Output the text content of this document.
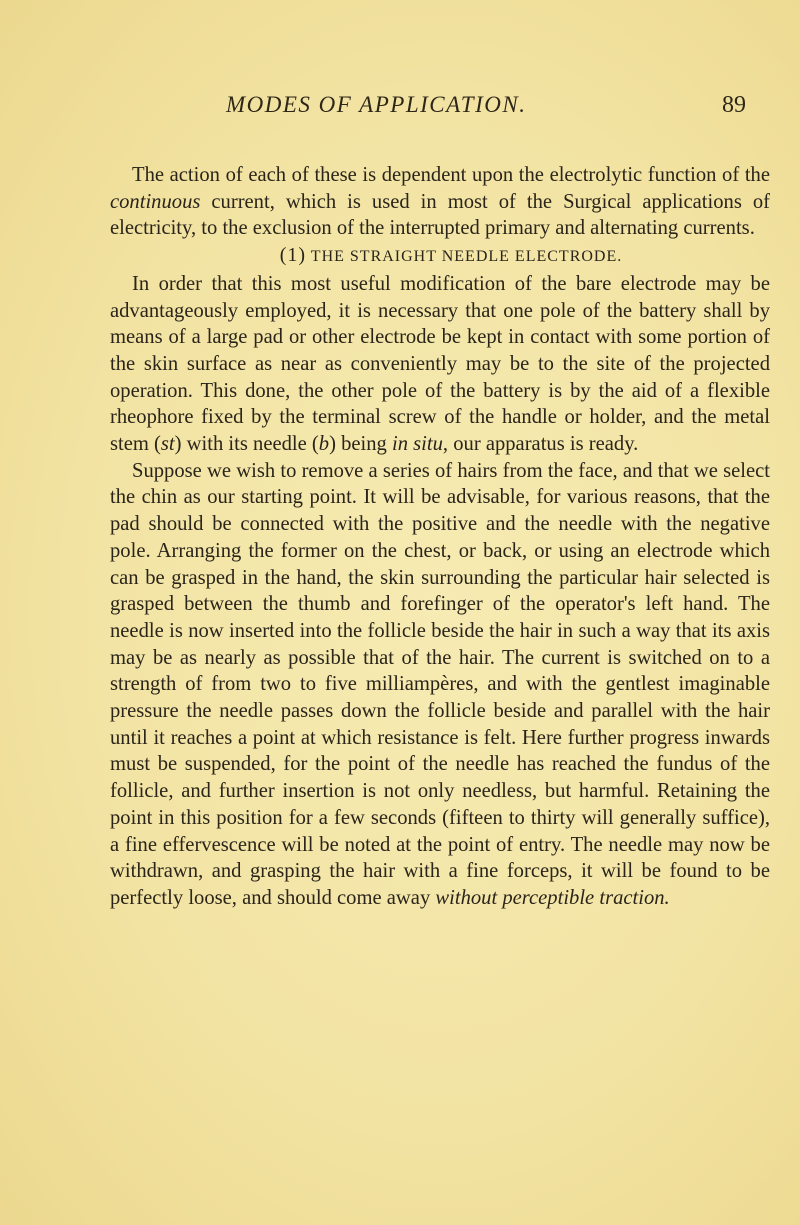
MODES OF APPLICATION.	89

The action of each of these is dependent upon the electrolytic function of the continuous current, which is used in most of the Surgical applications of electricity, to the exclusion of the interrupted primary and alternating currents.

(1) THE STRAIGHT NEEDLE ELECTRODE.

In order that this most useful modification of the bare electrode may be advantageously employed, it is necessary that one pole of the battery shall by means of a large pad or other electrode be kept in contact with some portion of the skin surface as near as conveniently may be to the site of the projected operation. This done, the other pole of the battery is by the aid of a flexible rheophore fixed by the terminal screw of the handle or holder, and the metal stem (st) with its needle (b) being in situ, our apparatus is ready.

Suppose we wish to remove a series of hairs from the face, and that we select the chin as our starting point. It will be advisable, for various reasons, that the pad should be connected with the positive and the needle with the negative pole. Arranging the former on the chest, or back, or using an electrode which can be grasped in the hand, the skin surrounding the particular hair selected is grasped between the thumb and forefinger of the operator's left hand. The needle is now inserted into the follicle beside the hair in such a way that its axis may be as nearly as possible that of the hair. The current is switched on to a strength of from two to five milliampères, and with the gentlest imaginable pressure the needle passes down the follicle beside and parallel with the hair until it reaches a point at which resistance is felt. Here further progress inwards must be suspended, for the point of the needle has reached the fundus of the follicle, and further insertion is not only needless, but harmful. Retaining the point in this position for a few seconds (fifteen to thirty will generally suffice), a fine effervescence will be noted at the point of entry. The needle may now be withdrawn, and grasping the hair with a fine forceps, it will be found to be perfectly loose, and should come away without perceptible traction.
